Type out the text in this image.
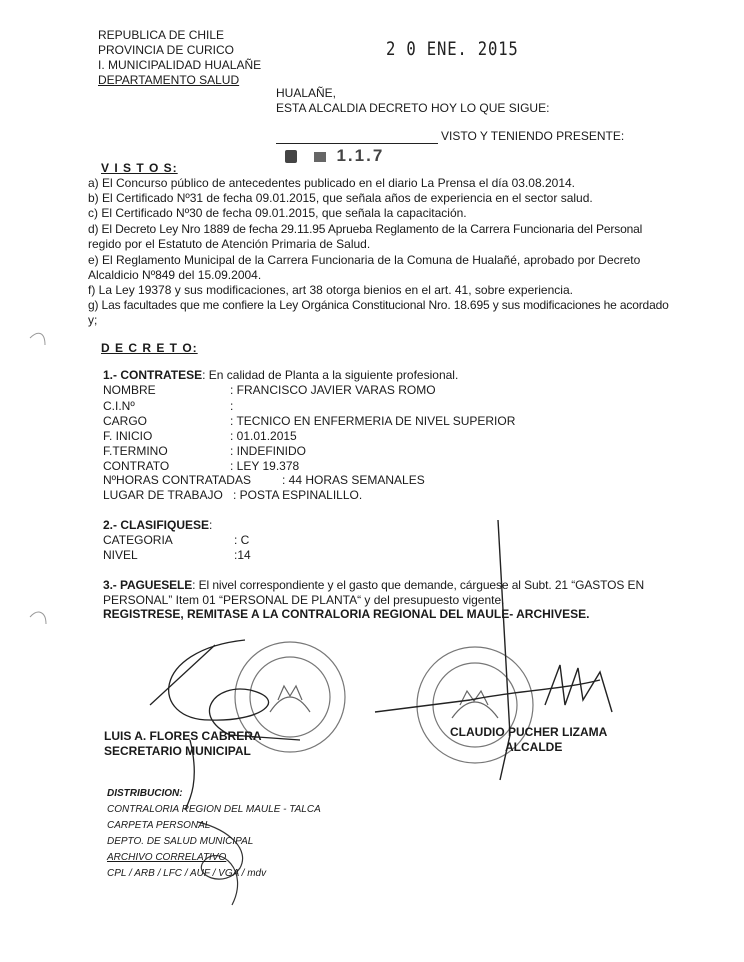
REPUBLICA DE CHILE
PROVINCIA DE CURICO
I. MUNICIPALIDAD HUALAÑE
DEPARTAMENTO SALUD
2 0 ENE. 2015
HUALAÑE,
ESTA ALCALDIA DECRETO HOY LO QUE SIGUE:
VISTO Y TENIENDO PRESENTE:
1.1.7
V I S T O S:
a) El Concurso público de antecedentes publicado en el diario La Prensa el día 03.08.2014.
b) El Certificado Nº31 de fecha 09.01.2015, que señala años de experiencia en el sector salud.
c) El Certificado Nº30 de fecha 09.01.2015, que señala la capacitación.
d) El Decreto Ley Nro 1889 de fecha 29.11.95 Aprueba Reglamento de la Carrera Funcionaria del Personal
regido por el Estatuto de Atención Primaria de Salud.
e) El Reglamento Municipal de la Carrera Funcionaria de la Comuna de Hualañé, aprobado por Decreto
Alcaldicio Nº849 del 15.09.2004.
f) La Ley 19378 y sus modificaciones, art 38 otorga bienios en el art. 41, sobre experiencia.
g) Las facultades que me confiere la Ley Orgánica Constitucional Nro. 18.695 y sus modificaciones he acordado
y;
D E C R E T O:
1.- CONTRATESE: En calidad de Planta a la siguiente profesional.
NOMBRE	: FRANCISCO JAVIER VARAS ROMO
C.I.Nº	:
CARGO	: TECNICO EN ENFERMERIA DE NIVEL SUPERIOR
F. INICIO	: 01.01.2015
F.TERMINO	: INDEFINIDO
CONTRATO	: LEY 19.378
NºHORAS CONTRATADAS	: 44 HORAS SEMANALES
LUGAR DE TRABAJO : POSTA ESPINALILLO.
2.- CLASIFIQUESE:
CATEGORIA	: C
NIVEL	:14
3.- PAGUESELE: El nivel correspondiente y el gasto que demande, cárguese al Subt. 21 “GASTOS EN
PERSONAL” Item 01 “PERSONAL DE PLANTA“ y del presupuesto vigente.
REGISTRESE, REMITASE A LA CONTRALORIA REGIONAL DEL MAULE- ARCHIVESE.
LUIS A. FLORES CABRERA
SECRETARIO MUNICIPAL
CLAUDIO PUCHER LIZAMA
ALCALDE
DISTRIBUCION:
CONTRALORIA REGION DEL MAULE - TALCA
CARPETA PERSONAL
DEPTO. DE SALUD MUNICIPAL
ARCHIVO CORRELATIVO
CPL / ARB / LFC / AUF / VGA / mdv
